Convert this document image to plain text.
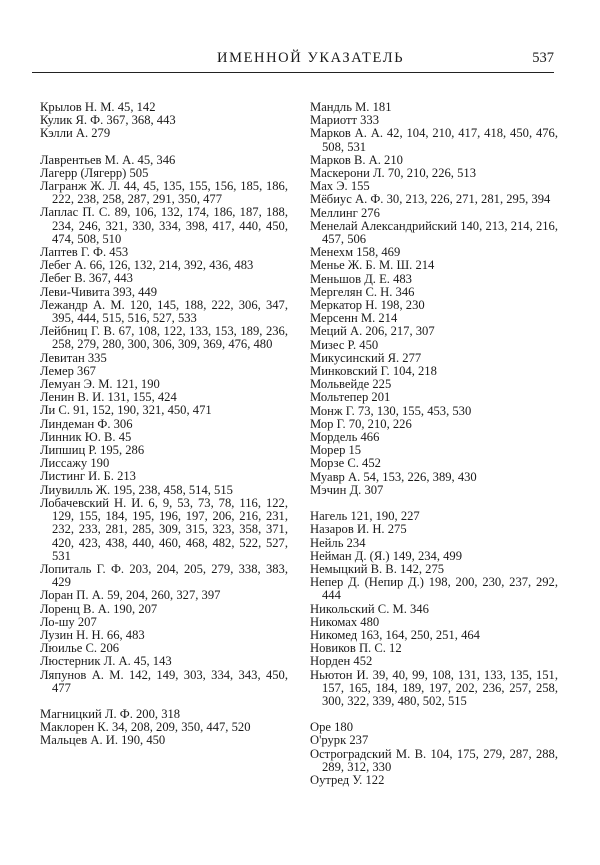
ИМЕННОЙ УКАЗАТЕЛЬ	537
Крылов Н. М. 45, 142
Кулик Я. Ф. 367, 368, 443
Кэлли А. 279
Лаврентьев М. А. 45, 346
Лагерр (Лягерр) 505
Лагранж Ж. Л. 44, 45, 135, 155, 156, 185, 186, 222, 238, 258, 287, 291, 350, 477
Лаплас П. С. 89, 106, 132, 174, 186, 187, 188, 234, 246, 321, 330, 334, 398, 417, 440, 450, 474, 508, 510
Лаптев Г. Ф. 453
Лебег А. 66, 126, 132, 214, 392, 436, 483
Лебег В. 367, 443
Леви-Чивита 393, 449
Лежандр А. М. 120, 145, 188, 222, 306, 347, 395, 444, 515, 516, 527, 533
Лейбниц Г. В. 67, 108, 122, 133, 153, 189, 236, 258, 279, 280, 300, 306, 309, 369, 476, 480
Левитан 335
Лемер 367
Лемуан Э. М. 121, 190
Ленин В. И. 131, 155, 424
Ли С. 91, 152, 190, 321, 450, 471
Линдеман Ф. 306
Линник Ю. В. 45
Липшиц Р. 195, 286
Лиссажу 190
Листинг И. Б. 213
Лиувилль Ж. 195, 238, 458, 514, 515
Лобачевский Н. И. 6, 9, 53, 73, 78, 116, 122, 129, 155, 184, 195, 196, 197, 206, 216, 231, 232, 233, 281, 285, 309, 315, 323, 358, 371, 420, 423, 438, 440, 460, 468, 482, 522, 527, 531
Лопиталь Г. Ф. 203, 204, 205, 279, 338, 383, 429
Лоран П. А. 59, 204, 260, 327, 397
Лоренц В. А. 190, 207
Ло-шу 207
Лузин Н. Н. 66, 483
Люилье С. 206
Люстерник Л. А. 45, 143
Ляпунов А. М. 142, 149, 303, 334, 343, 450, 477
Магницкий Л. Ф. 200, 318
Маклорен К. 34, 208, 209, 350, 447, 520
Мальцев А. И. 190, 450
Мандль М. 181
Мариотт 333
Марков А. А. 42, 104, 210, 417, 418, 450, 476, 508, 531
Марков В. А. 210
Маскерони Л. 70, 210, 226, 513
Мах Э. 155
Мёбиус А. Ф. 30, 213, 226, 271, 281, 295, 394
Меллинг 276
Менелай Александрийский 140, 213, 214, 216, 457, 506
Менехм 158, 469
Менье Ж. Б. М. Ш. 214
Меньшов Д. Е. 483
Мергелян С. Н. 346
Меркатор Н. 198, 230
Мерсенн М. 214
Меций А. 206, 217, 307
Мизес Р. 450
Микусинский Я. 277
Минковский Г. 104, 218
Мольвейде 225
Мольтепер 201
Монж Г. 73, 130, 155, 453, 530
Мор Г. 70, 210, 226
Мордель 466
Морер 15
Морзе С. 452
Муавр А. 54, 153, 226, 389, 430
Мэчин Д. 307
Нагель 121, 190, 227
Назаров И. Н. 275
Нейль 234
Нейман Д. (Я.) 149, 234, 499
Немыцкий В. В. 142, 275
Непер Д. (Непир Д.) 198, 200, 230, 237, 292, 444
Никольский С. М. 346
Никомах 480
Никомед 163, 164, 250, 251, 464
Новиков П. С. 12
Норден 452
Ньютон И. 39, 40, 99, 108, 131, 133, 135, 151, 157, 165, 184, 189, 197, 202, 236, 257, 258, 300, 322, 339, 480, 502, 515
Оре 180
О'рурк 237
Остроградский М. В. 104, 175, 279, 287, 288, 289, 312, 330
Оутред У. 122
